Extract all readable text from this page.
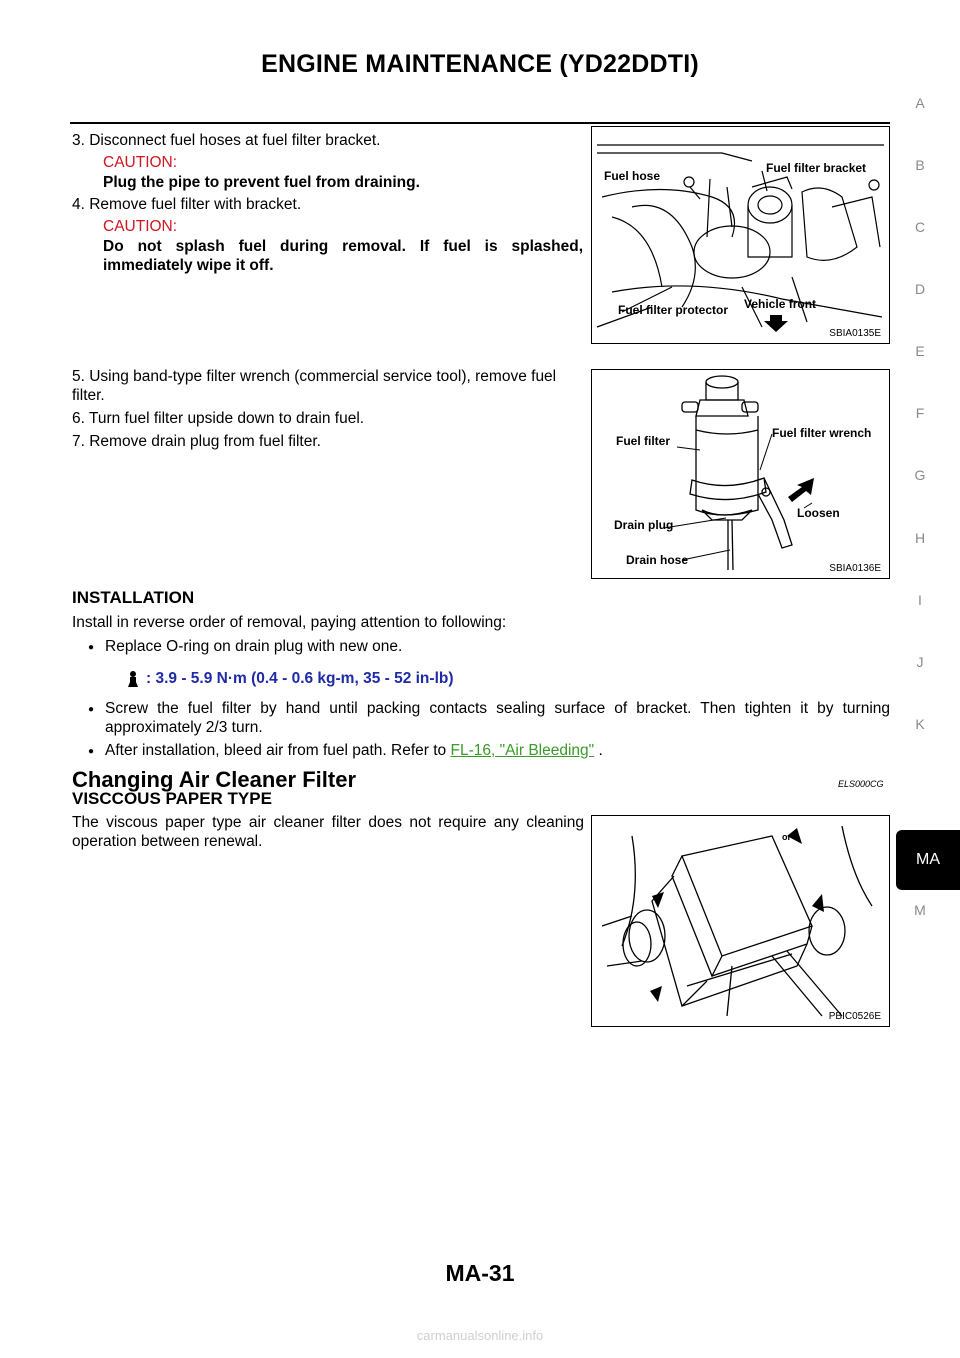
ENGINE MAINTENANCE (YD22DDTI)
A
B
C
D
E
F
G
H
I
J
K
MA
M
3. Disconnect fuel hoses at fuel filter bracket.
CAUTION:
Plug the pipe to prevent fuel from draining.
4. Remove fuel filter with bracket.
CAUTION:
Do not splash fuel during removal. If fuel is splashed, immediately wipe it off.
Fuel hose
Fuel filter bracket
Fuel filter protector Vehicle front
SBIA0135E
5. Using band-type filter wrench (commercial service tool), remove fuel filter.
6. Turn fuel filter upside down to drain fuel.
7. Remove drain plug from fuel filter.	Fuel filter
Fuel filter wrench
Loosen
Drain plug
Drain hose
SBIA0136E
INSTALLATION
Install in reverse order of removal, paying attention to following:
● Replace O-ring on drain plug with new one.
: 3.9 - 5.9 N·m (0.4 - 0.6 kg-m, 35 - 52 in-lb)
● Screw the fuel filter by hand until packing contacts sealing surface of bracket. Then tighten it by turning approximately 2/3 turn.
● After installation, bleed air from fuel path. Refer to FL-16, "Air Bleeding" .
Changing Air Cleaner Filter	ELS000CG
VISCCOUS PAPER TYPE
The viscous paper type air cleaner filter does not require any cleaning operation between renewal.	or
PBIC0526E
MA-31
carmanualsonline.info
